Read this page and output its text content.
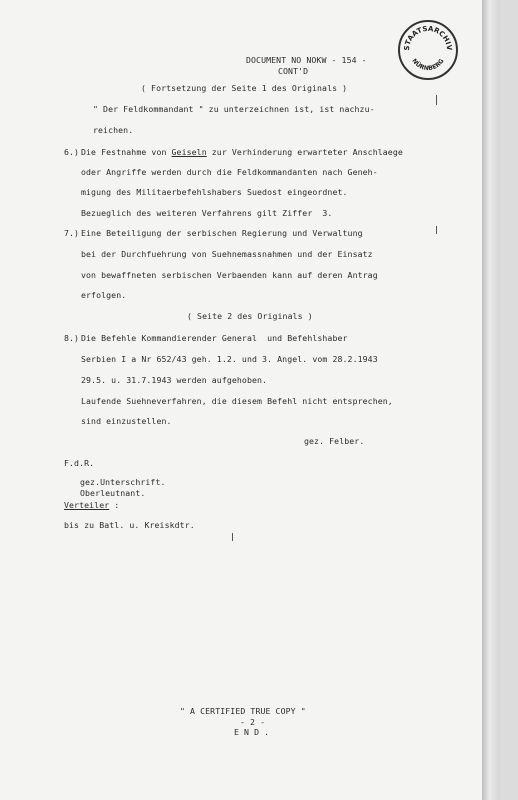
STAATSARCHIV
NÜRNBERG
DOCUMENT NO NOKW - 154 -
CONT'D
( Fortsetzung der Seite 1 des Originals )
" Der Feldkommandant " zu unterzeichnen ist, ist nachzu-
reichen.
6.) Die Festnahme von Geiseln zur Verhinderung erwarteter Anschlaege
oder Angriffe werden durch die Feldkommandanten nach Geneh-
migung des Militaerbefehlshabers Suedost eingeordnet.
Bezueglich des weiteren Verfahrens gilt Ziffer  3.
7.) Eine Beteiligung der serbischen Regierung und Verwaltung
bei der Durchfuehrung von Suehnemassnahmen und der Einsatz
von bewaffneten serbischen Verbaenden kann auf deren Antrag
erfolgen.
( Seite 2 des Originals )
8.) Die Befehle Kommandierender General  und Befehlshaber
Serbien I a Nr 652/43 geh. 1.2. und 3. Angel. vom 28.2.1943
29.5. u. 31.7.1943 werden aufgehoben.
Laufende Suehneverfahren, die diesem Befehl nicht entsprechen,
sind einzustellen.
gez. Felber.
F.d.R.
gez.Unterschrift.
Oberleutnant.
Verteiler :
bis zu Batl. u. Kreiskdtr.
" A CERTIFIED TRUE COPY "
- 2 -
E N D .
